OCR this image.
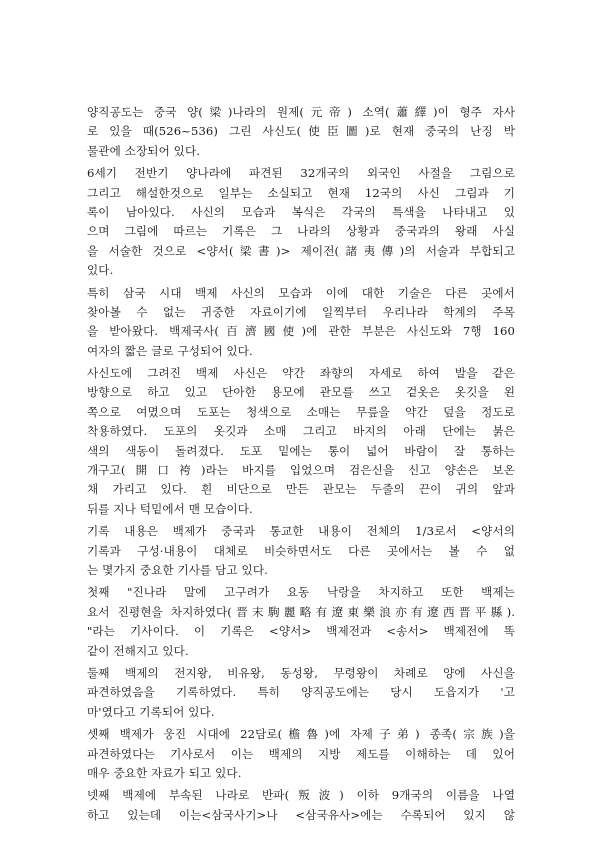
양직공도는 중국 양(梁)나라의 원제(元帝) 소역(蕭繹)이 형주 자사
로 있을 때(526~536) 그린 사신도(使臣圖)로 현재 중국의 난징 박
물관에 소장되어 있다.

6세기 전반기 양나라에 파견된 32개국의 외국인 사절을 그림으로
그리고 해설한것으로 일부는 소실되고 현재 12국의 사신 그림과 기
록이 남아있다. 사신의 모습과 복식은 각국의 특색을 나타내고 있
으며 그림에 따르는 기록은 그 나라의 상황과 중국과의 왕래 사실
을 서술한 것으로 <양서(梁書)> 제이전(諸夷傳)의 서술과 부합되고
있다.

특히 삼국 시대 백제 사신의 모습과 이에 대한 기술은 다른 곳에서
찾아볼 수 없는 귀중한 자료이기에 일찍부터 우리나라 학계의 주목
을 받아왔다. 백제국사(百濟國使)에 관한 부분은 사신도와 7행 160
여자의 짧은 글로 구성되어 있다.

사신도에 그려진 백제 사신은 약간 좌향의 자세로 하여 발을 같은
방향으로 하고 있고 단아한 용모에 관모를 쓰고 겉옷은 옷깃을 왼
쪽으로 여몄으며 도포는 청색으로 소매는 무릎을 약간 덮을 정도로
착용하였다. 도포의 옷깃과 소매 그리고 바지의 아래 단에는 붉은
색의 색동이 돌려졌다. 도포 밑에는 통이 넓어 바람이 잘 통하는
개구고(開口袴)라는 바지를 입었으며 검은신을 신고 양손은 보온
채 가리고 있다. 흰 비단으로 만든 관모는 두줄의 끈이 귀의 앞과
뒤를 지나 턱밑에서 맨 모습이다.

기록 내용은 백제가 중국과 통교한 내용이 전체의 1/3로서 <양서의
기록과 구성·내용이 대체로 비슷하면서도 다른 곳에서는 볼 수 없
는 몇가지 중요한 기사를 담고 있다.

첫째 "진나라 말에 고구려가 요동 낙랑을 차지하고 또한 백제는
요서 진평현을 차지하였다(晋末駒麗略有遼東樂浪亦有遼西晋平縣).
"라는 기사이다. 이 기록은 <양서> 백제전과 <송서> 백제전에 똑
같이 전해지고 있다.

둘째 백제의 전지왕, 비유왕, 동성왕, 무령왕이 차례로 양에 사신을
파견하였음을 기록하였다. 특히 양직공도에는 당시 도읍지가 '고
마'였다고 기록되어 있다.

셋째 백제가 웅진 시대에 22담로(檐魯)에 자제子弟) 종족(宗族)을
파견하였다는 기사로서 이는 백제의 지방 제도를 이해하는 데 있어
매우 중요한 자료가 되고 있다.

넷째 백제에 부속된 나라로 반파(叛波) 이하 9개국의 이름을 나열
하고 있는데 이는<삼국사기>나 <삼국유사>에는 수록되어 있지 않
